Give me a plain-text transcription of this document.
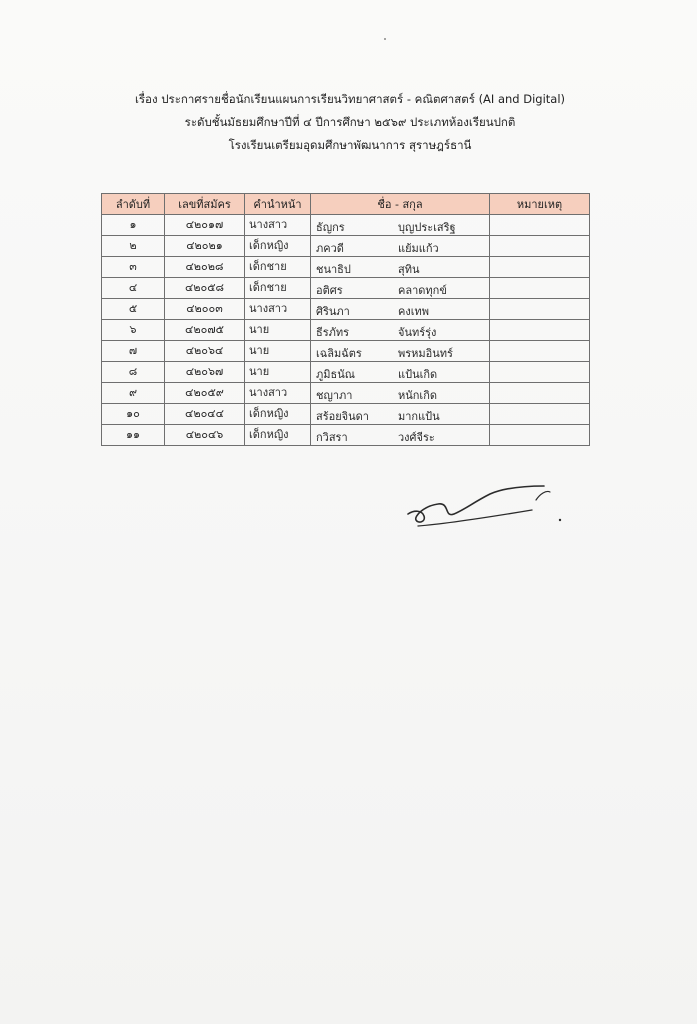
เรื่อง ประกาศรายชื่อนักเรียนแผนการเรียนวิทยาศาสตร์ - คณิตศาสตร์ (AI and Digital)
ระดับชั้นมัธยมศึกษาปีที่ ๔ ปีการศึกษา ๒๕๖๙ ประเภทห้องเรียนปกติ
โรงเรียนเตรียมอุดมศึกษาพัฒนาการ สุราษฎร์ธานี
ลำดับที่	เลขที่สมัคร	คำนำหน้า	ชื่อ - สกุล	หมายเหตุ
๑	๔๒๐๑๗	นางสาว	ธัญกร บุญประเสริฐ	

๒	๔๒๐๒๑	เด็กหญิง	ภควดี แย้มแก้ว	

๓	๔๒๐๒๘	เด็กชาย	ชนาธิป สุทิน	

๔	๔๒๐๕๘	เด็กชาย	อติศร คลาดทุกข์	

๕	๔๒๐๐๓	นางสาว	ศิรินภา คงเทพ	

๖	๔๒๐๗๕	นาย	ธีรภัทร จันทร์รุ่ง	

๗	๔๒๐๖๔	นาย	เฉลิมฉัตร พรหมอินทร์	

๘	๔๒๐๖๗	นาย	ภูมิธนัณ แป้นเกิด	

๙	๔๒๐๕๙	นางสาว	ชญาภา หนักเกิด	

๑๐	๔๒๐๔๔	เด็กหญิง	สร้อยจินดา มากแป้น	

๑๑	๔๒๐๔๖	เด็กหญิง	กวิสรา วงศ์จีระ	
